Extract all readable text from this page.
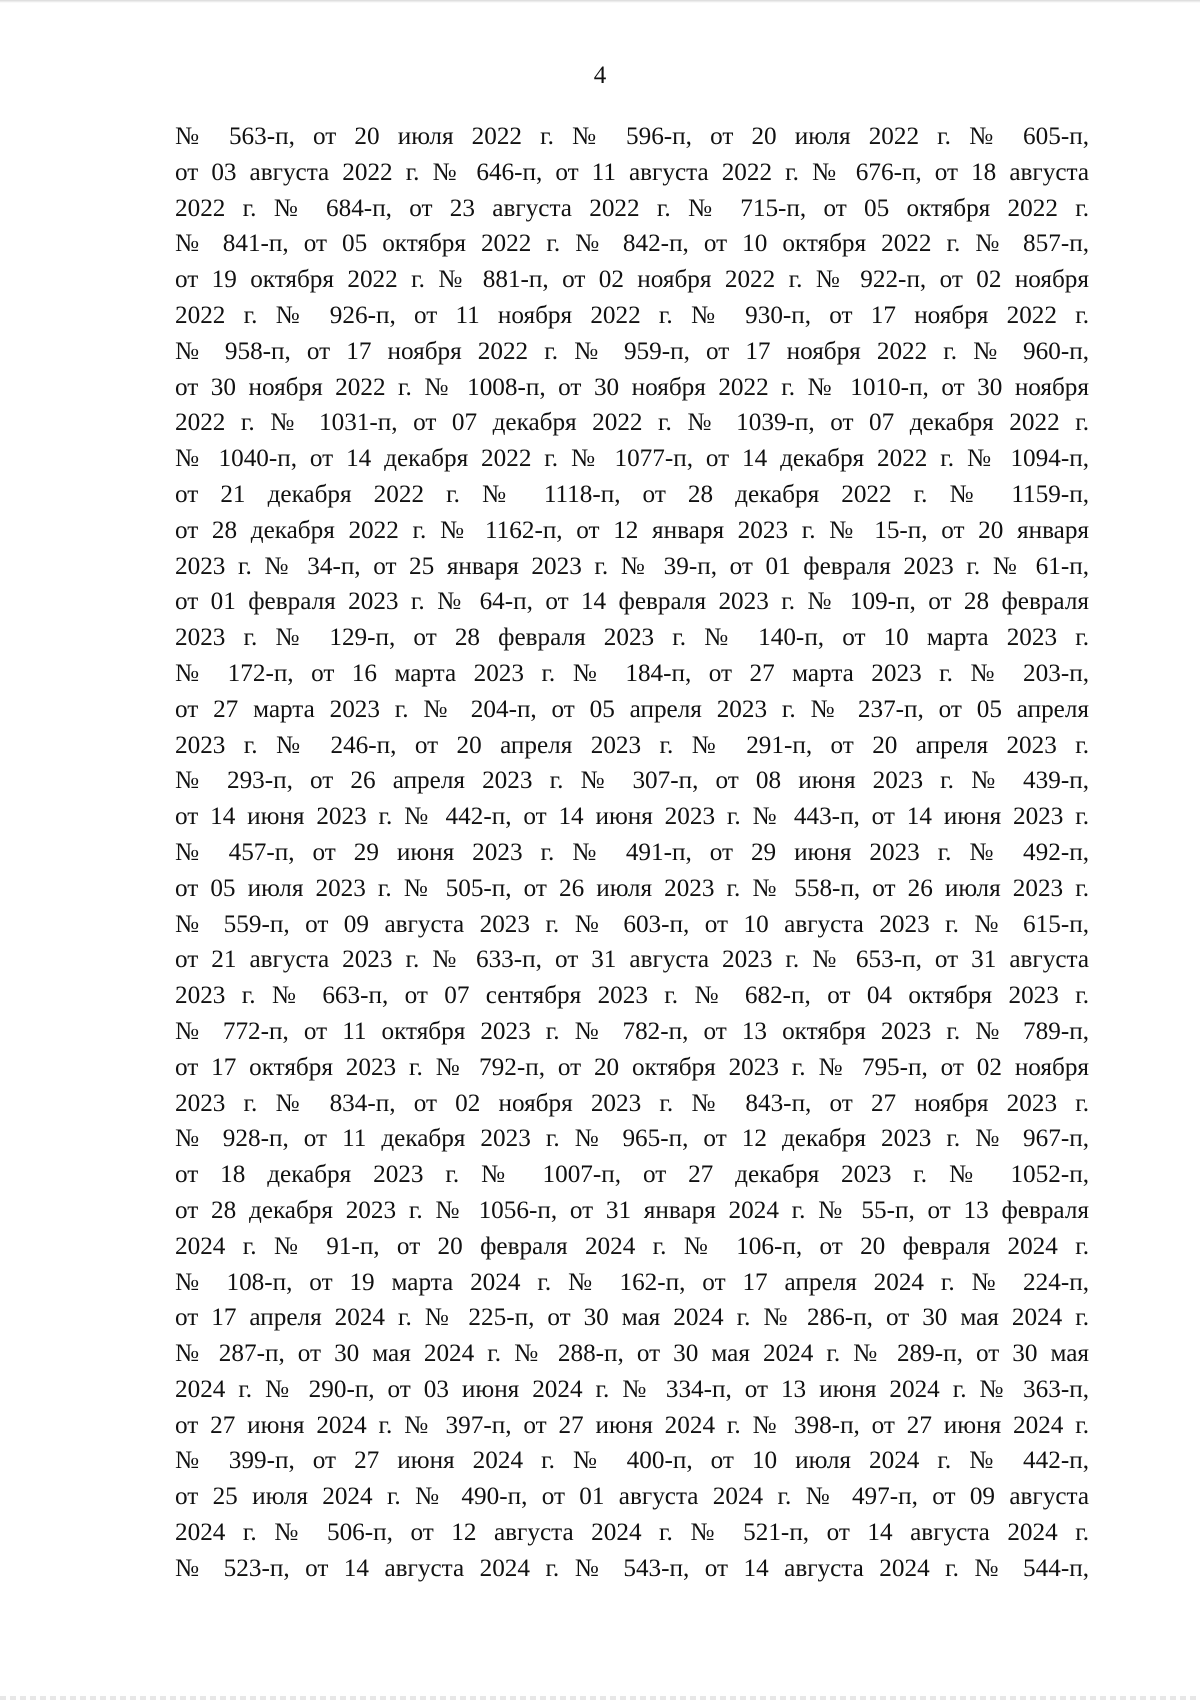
4
№ 563-п, от 20 июля 2022 г. № 596-п, от 20 июля 2022 г. № 605-п,
от 03 августа 2022 г. № 646-п, от 11 августа 2022 г. № 676-п, от 18 августа
2022 г. № 684-п, от 23 августа 2022 г. № 715-п, от 05 октября 2022 г.
№ 841-п, от 05 октября 2022 г. № 842-п, от 10 октября 2022 г. № 857-п,
от 19 октября 2022 г. № 881-п, от 02 ноября 2022 г. № 922-п, от 02 ноября
2022 г. № 926-п, от 11 ноября 2022 г. № 930-п, от 17 ноября 2022 г.
№ 958-п, от 17 ноября 2022 г. № 959-п, от 17 ноября 2022 г. № 960-п,
от 30 ноября 2022 г. № 1008-п, от 30 ноября 2022 г. № 1010-п, от 30 ноября
2022 г. № 1031-п, от 07 декабря 2022 г. № 1039-п, от 07 декабря 2022 г.
№ 1040-п, от 14 декабря 2022 г. № 1077-п, от 14 декабря 2022 г. № 1094-п,
от 21 декабря 2022 г. № 1118-п, от 28 декабря 2022 г. № 1159-п,
от 28 декабря 2022 г. № 1162-п, от 12 января 2023 г. № 15-п, от 20 января
2023 г. № 34-п, от 25 января 2023 г. № 39-п, от 01 февраля 2023 г. № 61-п,
от 01 февраля 2023 г. № 64-п, от 14 февраля 2023 г. № 109-п, от 28 февраля
2023 г. № 129-п, от 28 февраля 2023 г. № 140-п, от 10 марта 2023 г.
№ 172-п, от 16 марта 2023 г. № 184-п, от 27 марта 2023 г. № 203-п,
от 27 марта 2023 г. № 204-п, от 05 апреля 2023 г. № 237-п, от 05 апреля
2023 г. № 246-п, от 20 апреля 2023 г. № 291-п, от 20 апреля 2023 г.
№ 293-п, от 26 апреля 2023 г. № 307-п, от 08 июня 2023 г. № 439-п,
от 14 июня 2023 г. № 442-п, от 14 июня 2023 г. № 443-п, от 14 июня 2023 г.
№ 457-п, от 29 июня 2023 г. № 491-п, от 29 июня 2023 г. № 492-п,
от 05 июля 2023 г. № 505-п, от 26 июля 2023 г. № 558-п, от 26 июля 2023 г.
№ 559-п, от 09 августа 2023 г. № 603-п, от 10 августа 2023 г. № 615-п,
от 21 августа 2023 г. № 633-п, от 31 августа 2023 г. № 653-п, от 31 августа
2023 г. № 663-п, от 07 сентября 2023 г. № 682-п, от 04 октября 2023 г.
№ 772-п, от 11 октября 2023 г. № 782-п, от 13 октября 2023 г. № 789-п,
от 17 октября 2023 г. № 792-п, от 20 октября 2023 г. № 795-п, от 02 ноября
2023 г. № 834-п, от 02 ноября 2023 г. № 843-п, от 27 ноября 2023 г.
№ 928-п, от 11 декабря 2023 г. № 965-п, от 12 декабря 2023 г. № 967-п,
от 18 декабря 2023 г. № 1007-п, от 27 декабря 2023 г. № 1052-п,
от 28 декабря 2023 г. № 1056-п, от 31 января 2024 г. № 55-п, от 13 февраля
2024 г. № 91-п, от 20 февраля 2024 г. № 106-п, от 20 февраля 2024 г.
№ 108-п, от 19 марта 2024 г. № 162-п, от 17 апреля 2024 г. № 224-п,
от 17 апреля 2024 г. № 225-п, от 30 мая 2024 г. № 286-п, от 30 мая 2024 г.
№ 287-п, от 30 мая 2024 г. № 288-п, от 30 мая 2024 г. № 289-п, от 30 мая
2024 г. № 290-п, от 03 июня 2024 г. № 334-п, от 13 июня 2024 г. № 363-п,
от 27 июня 2024 г. № 397-п, от 27 июня 2024 г. № 398-п, от 27 июня 2024 г.
№ 399-п, от 27 июня 2024 г. № 400-п, от 10 июля 2024 г. № 442-п,
от 25 июля 2024 г. № 490-п, от 01 августа 2024 г. № 497-п, от 09 августа
2024 г. № 506-п, от 12 августа 2024 г. № 521-п, от 14 августа 2024 г.
№ 523-п, от 14 августа 2024 г. № 543-п, от 14 августа 2024 г. № 544-п,
